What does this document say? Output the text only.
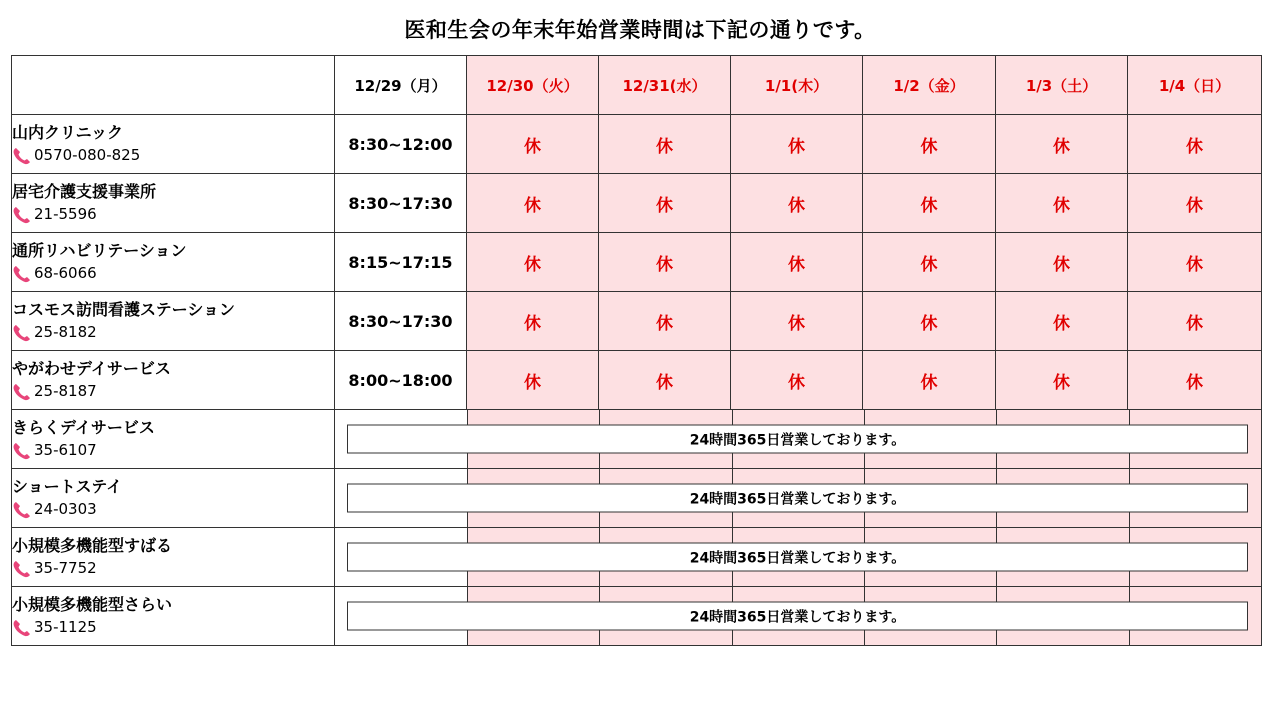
医和生会の年末年始営業時間は下記の通りです。
	12/29（月）	12/30（火）	12/31(水）	1/1(木）	1/2（金）	1/3（土）	1/4（日）

山内クリニック
0570-080-825	8:30~12:00	休	休	休	休	休	休

居宅介護支援事業所
21-5596	8:30~17:30	休	休	休	休	休	休

通所リハビリテーション
68-6066	8:15~17:15	休	休	休	休	休	休

コスモス訪問看護ステーション
25-8182	8:30~17:30	休	休	休	休	休	休

やがわせデイサービス
25-8187	8:00~18:00	休	休	休	休	休	休

きらくデイサービス
35-6107	24時間365日営業しております。						

ショートステイ
24-0303	24時間365日営業しております。						

小規模多機能型すばる
35-7752	24時間365日営業しております。						

小規模多機能型さらい
35-1125	24時間365日営業しております。						
